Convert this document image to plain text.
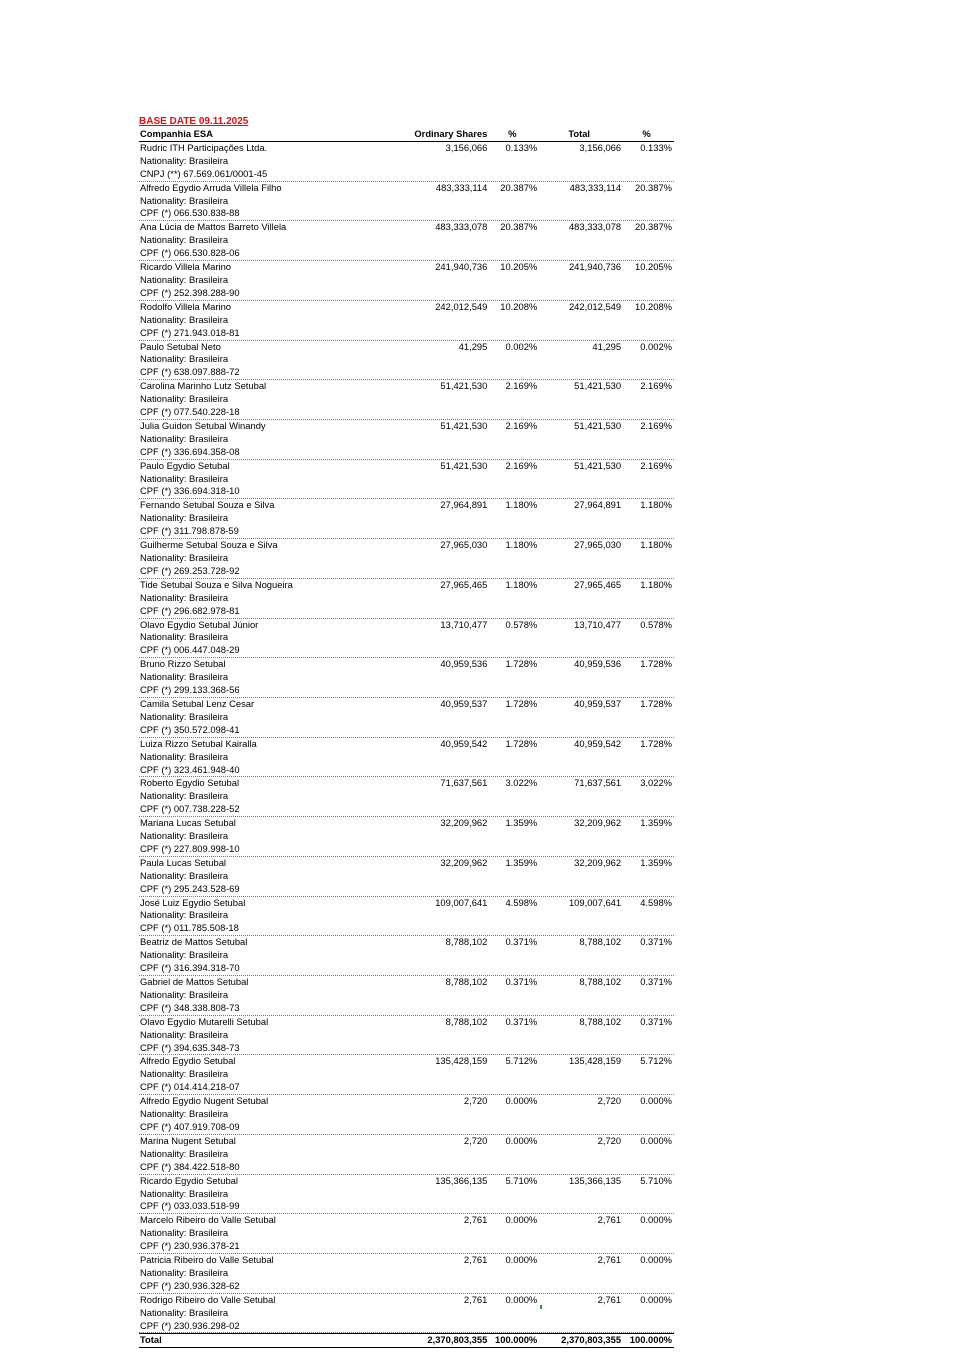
BASE DATE 09.11.2025
Companhia ESA	Ordinary Shares	%	Total	%
Rudric ITH Participações Ltda.	3,156,066	0.133%	3,156,066	0.133%
Nationality: Brasileira
CNPJ (**) 67.569.061/0001-45
Alfredo Egydio Arruda Villela Filho	483,333,114	20.387%	483,333,114	20.387%
Nationality: Brasileira
CPF (*) 066.530.838-88
Ana Lúcia de Mattos Barreto Villela	483,333,078	20.387%	483,333,078	20.387%
Nationality: Brasileira
CPF (*) 066.530.828-06
Ricardo Villela Marino	241,940,736	10.205%	241,940,736	10.205%
Nationality: Brasileira
CPF (*) 252.398.288-90
Rodolfo Villela Marino	242,012,549	10.208%	242,012,549	10.208%
Nationality: Brasileira
CPF (*) 271.943.018-81
Paulo Setubal Neto	41,295	0.002%	41,295	0.002%
Nationality: Brasileira
CPF (*) 638.097.888-72
Carolina Marinho Lutz Setubal	51,421,530	2.169%	51,421,530	2.169%
Nationality: Brasileira
CPF (*) 077.540.228-18
Julia Guidon Setubal Winandy	51,421,530	2.169%	51,421,530	2.169%
Nationality: Brasileira
CPF (*) 336.694.358-08
Paulo Egydio Setubal	51,421,530	2.169%	51,421,530	2.169%
Nationality: Brasileira
CPF (*) 336.694.318-10
Fernando Setubal Souza e Silva	27,964,891	1.180%	27,964,891	1.180%
Nationality: Brasileira
CPF (*) 311.798.878-59
Guilherme Setubal Souza e Silva	27,965,030	1.180%	27,965,030	1.180%
Nationality: Brasileira
CPF (*) 269.253.728-92
Tide Setubal Souza e Silva Nogueira	27,965,465	1.180%	27,965,465	1.180%
Nationality: Brasileira
CPF (*) 296.682.978-81
Olavo Egydio Setubal Júnior	13,710,477	0.578%	13,710,477	0.578%
Nationality: Brasileira
CPF (*) 006.447.048-29
Bruno Rizzo Setubal	40,959,536	1.728%	40,959,536	1.728%
Nationality: Brasileira
CPF (*) 299.133.368-56
Camila Setubal Lenz Cesar	40,959,537	1.728%	40,959,537	1.728%
Nationality: Brasileira
CPF (*) 350.572.098-41
Luiza Rizzo Setubal Kairalla	40,959,542	1.728%	40,959,542	1.728%
Nationality: Brasileira
CPF (*) 323.461.948-40
Roberto Egydio Setubal	71,637,561	3.022%	71,637,561	3.022%
Nationality: Brasileira
CPF (*) 007.738.228-52
Mariana Lucas Setubal	32,209,962	1.359%	32,209,962	1.359%
Nationality: Brasileira
CPF (*) 227.809.998-10
Paula Lucas Setubal	32,209,962	1.359%	32,209,962	1.359%
Nationality: Brasileira
CPF (*) 295.243.528-69
José Luiz Egydio Setubal	109,007,641	4.598%	109,007,641	4.598%
Nationality: Brasileira
CPF (*) 011.785.508-18
Beatriz de Mattos Setubal	8,788,102	0.371%	8,788,102	0.371%
Nationality: Brasileira
CPF (*) 316.394.318-70
Gabriel de Mattos Setubal	8,788,102	0.371%	8,788,102	0.371%
Nationality: Brasileira
CPF (*) 348.338.808-73
Olavo Egydio Mutarelli Setubal	8,788,102	0.371%	8,788,102	0.371%
Nationality: Brasileira
CPF (*) 394.635.348-73
Alfredo Egydio Setubal	135,428,159	5.712%	135,428,159	5.712%
Nationality: Brasileira
CPF (*) 014.414.218-07
Alfredo Egydio Nugent Setubal	2,720	0.000%	2,720	0.000%
Nationality: Brasileira
CPF (*) 407.919.708-09
Marina Nugent Setubal	2,720	0.000%	2,720	0.000%
Nationality: Brasileira
CPF (*) 384.422.518-80
Ricardo Egydio Setubal	135,366,135	5.710%	135,366,135	5.710%
Nationality: Brasileira
CPF (*) 033.033.518-99
Marcelo Ribeiro do Valle Setubal	2,761	0.000%	2,761	0.000%
Nationality: Brasileira
CPF (*) 230.936.378-21
Patricia Ribeiro do Valle Setubal	2,761	0.000%	2,761	0.000%
Nationality: Brasileira
CPF (*) 230.936.328-62
Rodrigo Ribeiro do Valle Setubal	2,761	0.000%	2,761	0.000%
Nationality: Brasileira
CPF (*) 230.936.298-02
Total	2,370,803,355 100.000%	2,370,803,355 100.000%
